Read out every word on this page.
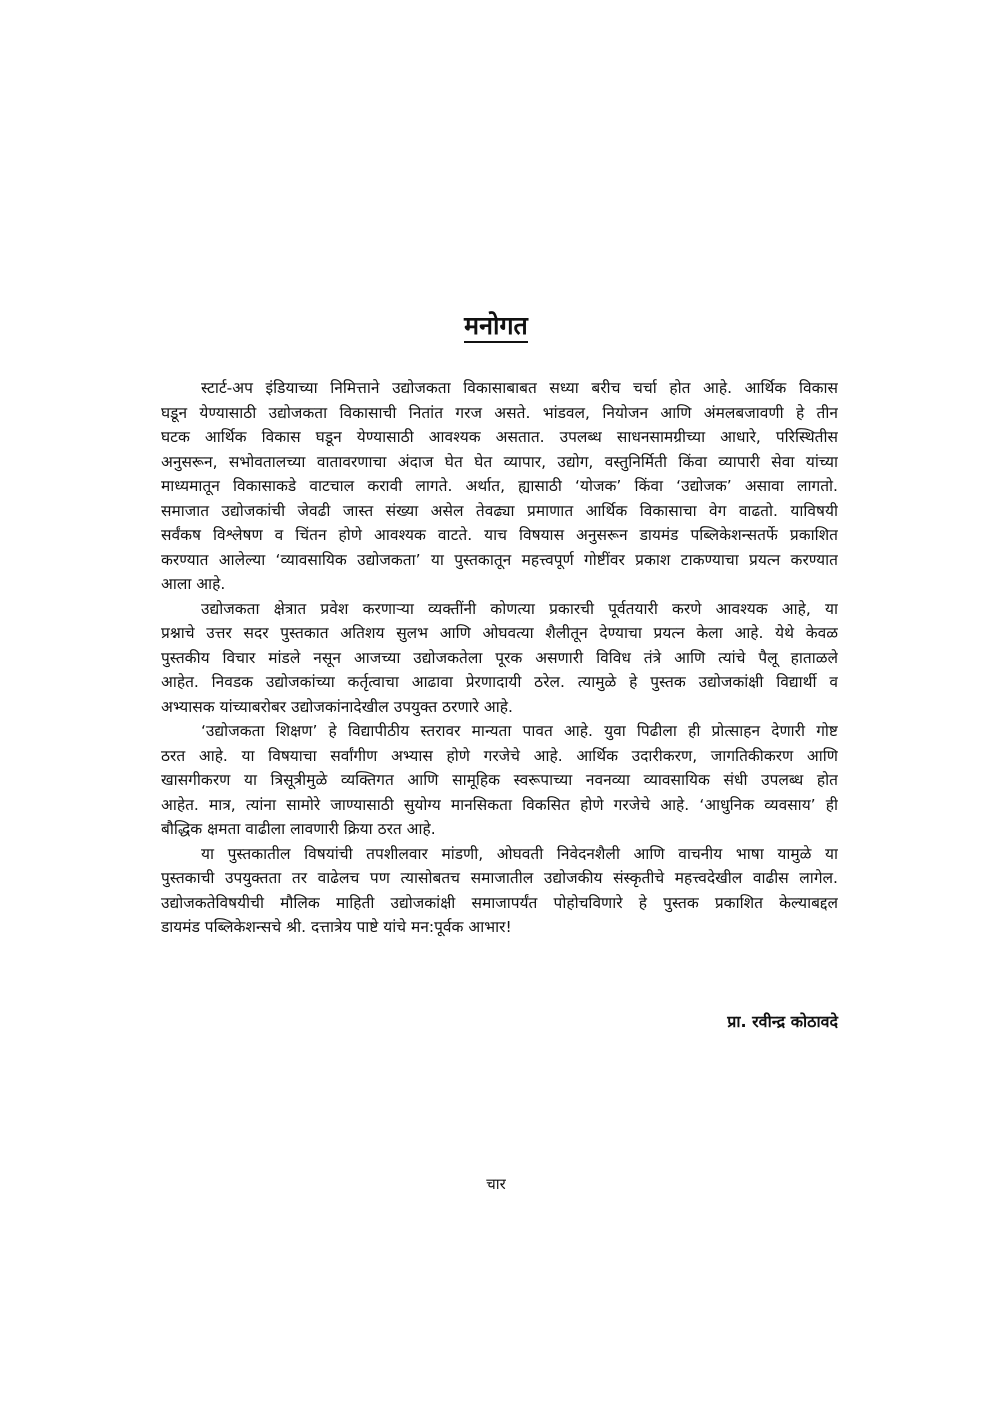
मनोगत
स्टार्ट-अप इंडियाच्या निमित्ताने उद्योजकता विकासाबाबत सध्या बरीच चर्चा होत आहे. आर्थिक विकास
घडून येण्यासाठी उद्योजकता विकासाची नितांत गरज असते. भांडवल, नियोजन आणि अंमलबजावणी हे तीन
घटक आर्थिक विकास घडून येण्यासाठी आवश्यक असतात. उपलब्ध साधनसामग्रीच्या आधारे, परिस्थितीस
अनुसरून, सभोवतालच्या वातावरणाचा अंदाज घेत घेत व्यापार, उद्योग, वस्तुनिर्मिती किंवा व्यापारी सेवा यांच्या
माध्यमातून विकासाकडे वाटचाल करावी लागते. अर्थात, ह्यासाठी ‘योजक’ किंवा ‘उद्योजक’ असावा लागतो.
समाजात उद्योजकांची जेवढी जास्त संख्या असेल तेवढ्या प्रमाणात आर्थिक विकासाचा वेग वाढतो. याविषयी
सर्वंकष विश्लेषण व चिंतन होणे आवश्यक वाटते. याच विषयास अनुसरून डायमंड पब्लिकेशन्सतर्फे प्रकाशित
करण्यात आलेल्या ‘व्यावसायिक उद्योजकता’ या पुस्तकातून महत्त्वपूर्ण गोष्टींवर प्रकाश टाकण्याचा प्रयत्न करण्यात
आला आहे.
उद्योजकता क्षेत्रात प्रवेश करणाऱ्या व्यक्तींनी कोणत्या प्रकारची पूर्वतयारी करणे आवश्यक आहे, या
प्रश्नाचे उत्तर सदर पुस्तकात अतिशय सुलभ आणि ओघवत्या शैलीतून देण्याचा प्रयत्न केला आहे. येथे केवळ
पुस्तकीय विचार मांडले नसून आजच्या उद्योजकतेला पूरक असणारी विविध तंत्रे आणि त्यांचे पैलू हाताळले
आहेत. निवडक उद्योजकांच्या कर्तृत्वाचा आढावा प्रेरणादायी ठरेल. त्यामुळे हे पुस्तक उद्योजकांक्षी विद्यार्थी व
अभ्यासक यांच्याबरोबर उद्योजकांनादेखील उपयुक्त ठरणारे आहे.
‘उद्योजकता शिक्षण’ हे विद्यापीठीय स्तरावर मान्यता पावत आहे. युवा पिढीला ही प्रोत्साहन देणारी गोष्ट
ठरत आहे. या विषयाचा सर्वांगीण अभ्यास होणे गरजेचे आहे. आर्थिक उदारीकरण, जागतिकीकरण आणि
खासगीकरण या त्रिसूत्रीमुळे व्यक्तिगत आणि सामूहिक स्वरूपाच्या नवनव्या व्यावसायिक संधी उपलब्ध होत
आहेत. मात्र, त्यांना सामोरे जाण्यासाठी सुयोग्य मानसिकता विकसित होणे गरजेचे आहे. ‘आधुनिक व्यवसाय’ ही
बौद्धिक क्षमता वाढीला लावणारी क्रिया ठरत आहे.
या पुस्तकातील विषयांची तपशीलवार मांडणी, ओघवती निवेदनशैली आणि वाचनीय भाषा यामुळे या
पुस्तकाची उपयुक्तता तर वाढेलच पण त्यासोबतच समाजातील उद्योजकीय संस्कृतीचे महत्त्वदेखील वाढीस लागेल.
उद्योजकतेविषयीची मौलिक माहिती उद्योजकांक्षी समाजापर्यंत पोहोचविणारे हे पुस्तक प्रकाशित केल्याबद्दल
डायमंड पब्लिकेशन्सचे श्री. दत्तात्रेय पाष्टे यांचे मन:पूर्वक आभार!
प्रा. रवीन्द्र कोठावदे
चार
